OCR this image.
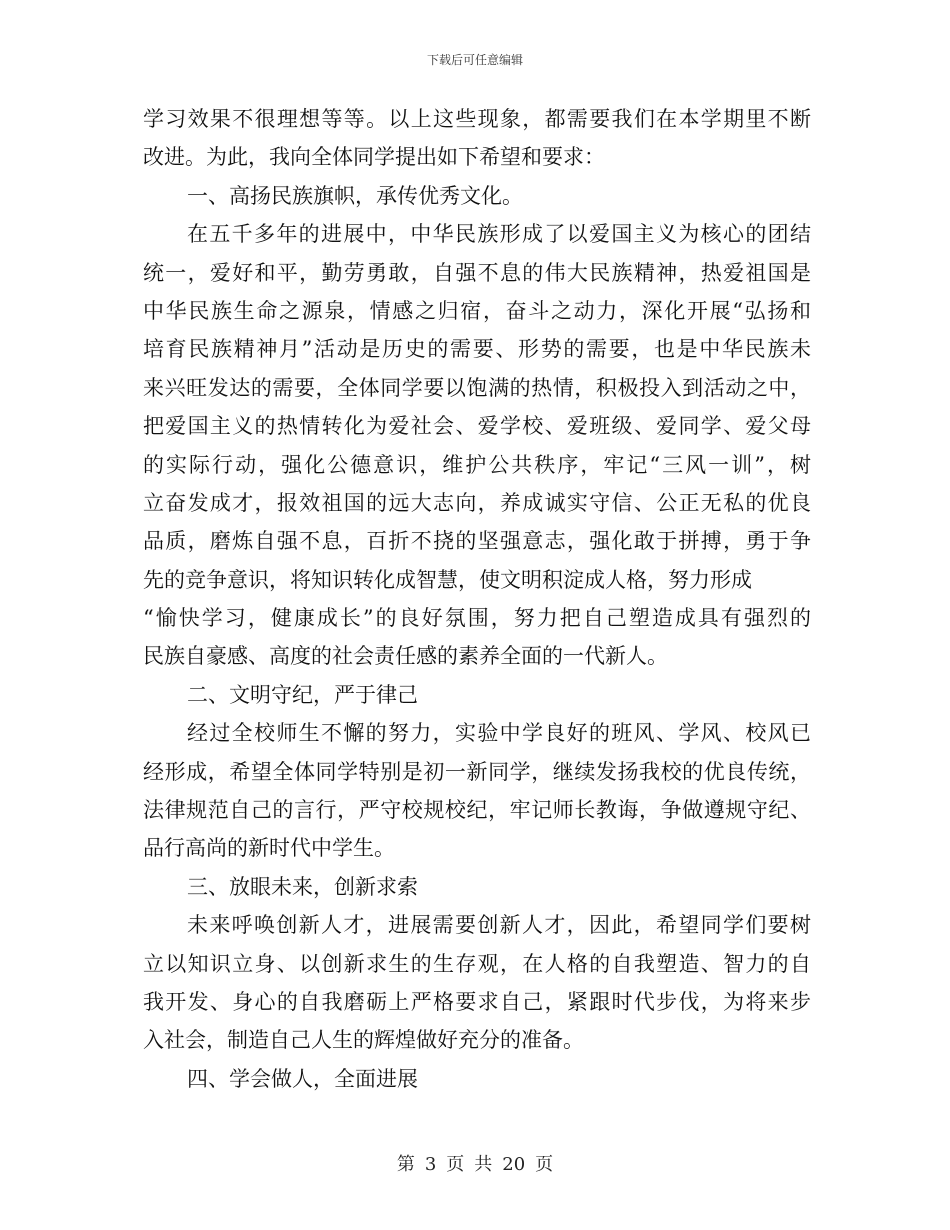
下载后可任意编辑
学习效果不很理想等等。以上这些现象，都需要我们在本学期里不断
改进。为此，我向全体同学提出如下希望和要求：
一、高扬民族旗帜，承传优秀文化。
在五千多年的进展中，中华民族形成了以爱国主义为核心的团结
统一，爱好和平，勤劳勇敢，自强不息的伟大民族精神，热爱祖国是
中华民族生命之源泉，情感之归宿，奋斗之动力，深化开展“弘扬和
培育民族精神月”活动是历史的需要、形势的需要，也是中华民族未
来兴旺发达的需要，全体同学要以饱满的热情，积极投入到活动之中，
把爱国主义的热情转化为爱社会、爱学校、爱班级、爱同学、爱父母
的实际行动，强化公德意识，维护公共秩序，牢记“三风一训”，树
立奋发成才，报效祖国的远大志向，养成诚实守信、公正无私的优良
品质，磨炼自强不息，百折不挠的坚强意志，强化敢于拼搏，勇于争
先的竞争意识，将知识转化成智慧，使文明积淀成人格，努力形成
“愉快学习，健康成长”的良好氛围，努力把自己塑造成具有强烈的
民族自豪感、高度的社会责任感的素养全面的一代新人。
二、文明守纪，严于律己
经过全校师生不懈的努力，实验中学良好的班风、学风、校风已
经形成，希望全体同学特别是初一新同学，继续发扬我校的优良传统，
法律规范自己的言行，严守校规校纪，牢记师长教诲，争做遵规守纪、
品行高尚的新时代中学生。
三、放眼未来，创新求索
未来呼唤创新人才，进展需要创新人才，因此，希望同学们要树
立以知识立身、以创新求生的生存观，在人格的自我塑造、智力的自
我开发、身心的自我磨砺上严格要求自己，紧跟时代步伐，为将来步
入社会，制造自己人生的辉煌做好充分的准备。
四、学会做人，全面进展
第 3 页 共 20 页
